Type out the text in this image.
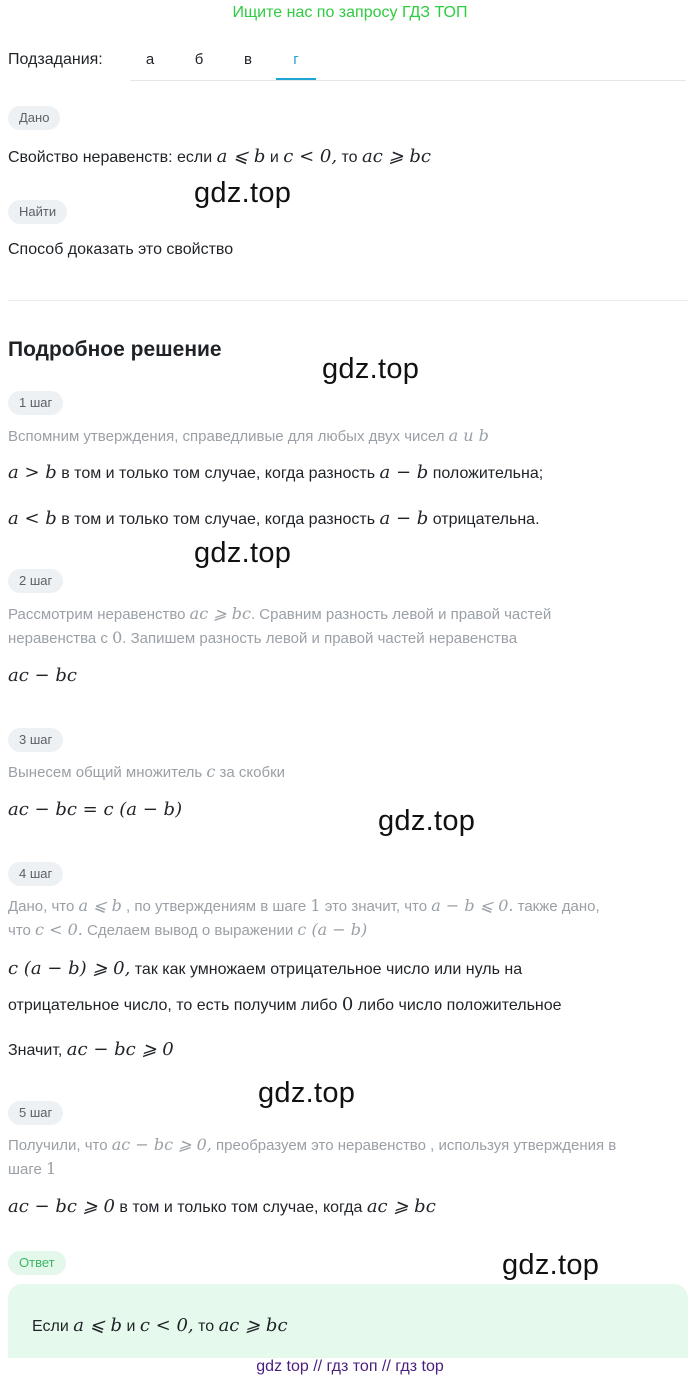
Ищите нас по запросу ГДЗ ТОП
Подзадания:	а	б	в	г
Дано
Свойство неравенств: если a ⩽ b и c < 0, то ac ⩾ bc
gdz.top
Найти
Способ доказать это свойство
Подробное решение
gdz.top
1 шаг
Вспомним утверждения, справедливые для любых двух чисел a и b
a > b в том и только том случае, когда разность a − b положительна;
a < b в том и только том случае, когда разность a − b отрицательна.
gdz.top
2 шаг
Рассмотрим неравенство ac ⩾ bc. Сравним разность левой и правой частей
неравенства с 0. Запишем разность левой и правой частей неравенства
ac − bc
3 шаг
Вынесем общий множитель c за скобки
ac − bc = c (a − b)	gdz.top
4 шаг
Дано, что a ⩽ b , по утверждениям в шаге 1 это значит, что a − b ⩽ 0. также дано,
что c < 0. Сделаем вывод о выражении c (a − b)
c (a − b) ⩾ 0, так как умножаем отрицательное число или нуль на
отрицательное число, то есть получим либо 0 либо число положительное
Значит, ac − bc ⩾ 0
gdz.top
5 шаг
Получили, что ac − bc ⩾ 0, преобразуем это неравенство , используя утверждения в
шаге 1
ac − bc ⩾ 0 в том и только том случае, когда ac ⩾ bc
Ответ	gdz.top
Если a ⩽ b и c < 0, то ac ⩾ bc
gdz top // гдз топ // гдз top
